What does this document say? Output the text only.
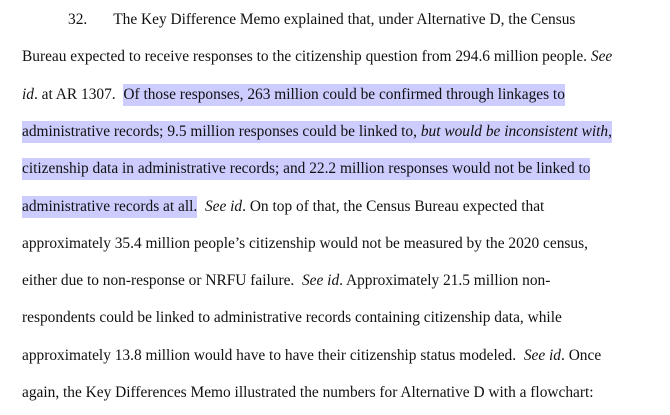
32. The Key Difference Memo explained that, under Alternative D, the Census
Bureau expected to receive responses to the citizenship question from 294.6 million people. See
id. at AR 1307. Of those responses, 263 million could be confirmed through linkages to
administrative records; 9.5 million responses could be linked to, but would be inconsistent with,
citizenship data in administrative records; and 22.2 million responses would not be linked to
administrative records at all. See id. On top of that, the Census Bureau expected that
approximately 35.4 million people’s citizenship would not be measured by the 2020 census,
either due to non-response or NRFU failure. See id. Approximately 21.5 million non-
respondents could be linked to administrative records containing citizenship data, while
approximately 13.8 million would have to have their citizenship status modeled. See id. Once
again, the Key Differences Memo illustrated the numbers for Alternative D with a flowchart:
